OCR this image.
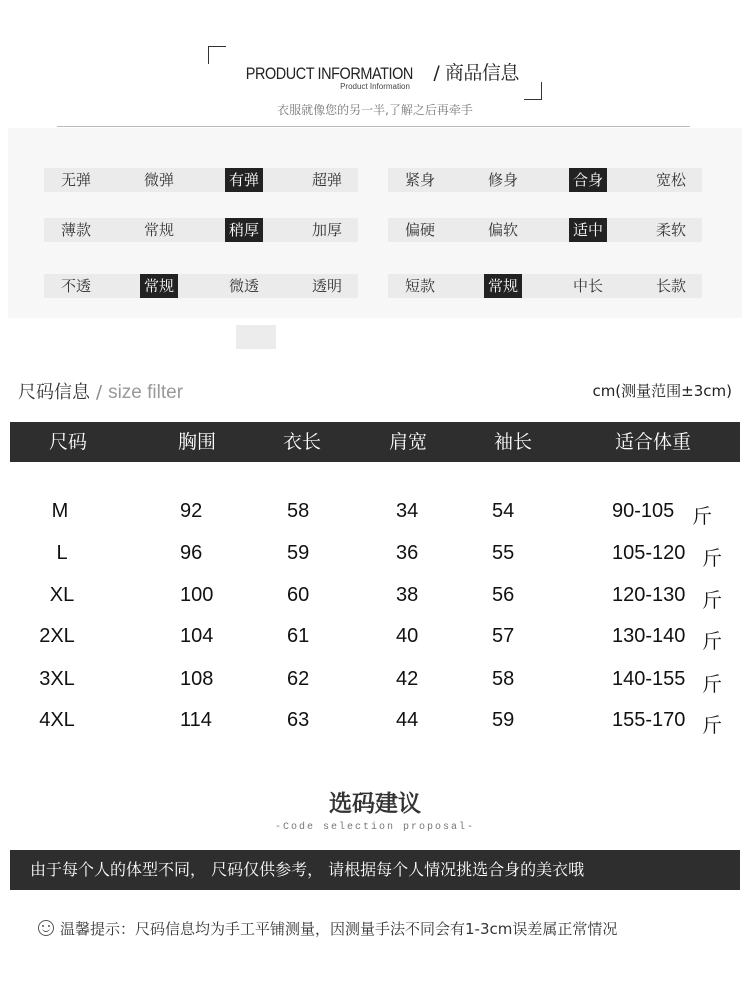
PRODUCT INFORMATION / 商品信息
Product Information
衣服就像您的另一半,了解之后再牵手
无弹	微弹	有弹	超弹	紧身	修身	合身	宽松
薄款	常规	稍厚	加厚	偏硬	偏软	适中	柔软
不透	常规	微透	透明	短款	常规	中长	长款
尺码信息 / size filter	cm(测量范围±3cm)
尺码	胸围	衣长	肩宽	袖长	适合体重
M	92	58	34	54	90-105 斤
L	96	59	36	55	105-120 斤
XL	100	60	38	56	120-130 斤
2XL	104	61	40	57	130-140 斤
3XL	108	62	42	58	140-155 斤
4XL	114	63	44	59	155-170 斤
选码建议
-Code selection proposal-
由于每个人的体型不同， 尺码仅供参考， 请根据每个人情况挑选合身的美衣哦
温馨提示：尺码信息均为手工平铺测量，因测量手法不同会有1-3cm误差属正常情况
